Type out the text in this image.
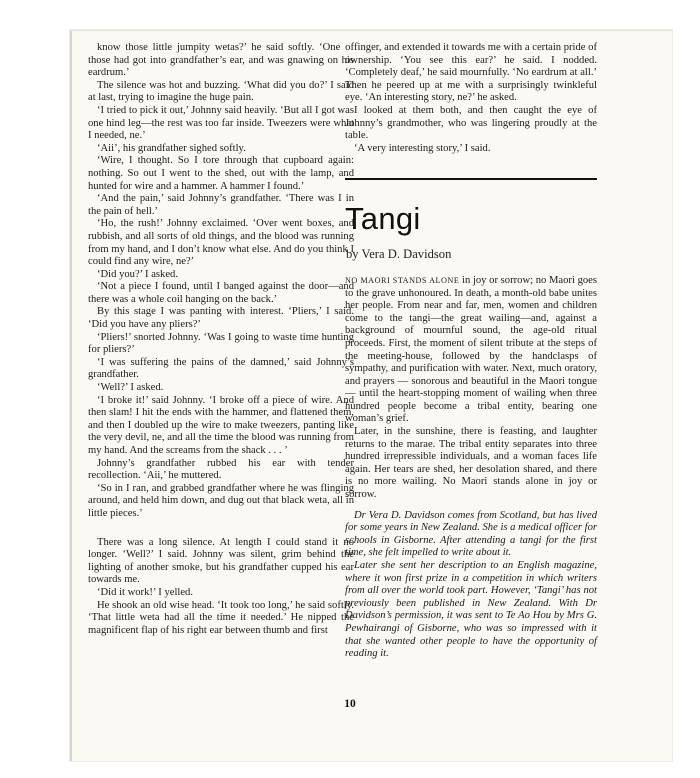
know those little jumpity wetas?’ he said softly. ‘One of those had got into grandfather’s ear, and was gnawing on his eardrum.’

The silence was hot and buzzing. ‘What did you do?’ I said at last, trying to imagine the huge pain.

‘I tried to pick it out,’ Johnny said heavily. ‘But all I got was one hind leg—the rest was too far inside. Tweezers were what I needed, ne.’

‘Aii’, his grandfather sighed softly.

‘Wire, I thought. So I tore through that cupboard again: nothing. So out I went to the shed, out with the lamp, and hunted for wire and a hammer. A hammer I found.’

‘And the pain,’ said Johnny’s grandfather. ‘There was I in the pain of hell.’

‘Ho, the rush!’ Johnny exclaimed. ‘Over went boxes, and rubbish, and all sorts of old things, and the blood was running from my hand, and I don’t know what else. And do you think I could find any wire, ne?’

‘Did you?’ I asked.

‘Not a piece I found, until I banged against the door—and there was a whole coil hanging on the back.’

By this stage I was panting with interest. ‘Pliers,’ I said. ‘Did you have any pliers?’

‘Pliers!’ snorted Johnny. ‘Was I going to waste time hunting for pliers?’

‘I was suffering the pains of the damned,’ said Johnny’s grandfather.

‘Well?’ I asked.

‘I broke it!’ said Johnny. ‘I broke off a piece of wire. And then slam! I hit the ends with the hammer, and flattened them, and then I doubled up the wire to make tweezers, panting like the very devil, ne, and all the time the blood was running from my hand. And the screams from the shack . . . ’

Johnny’s grandfather rubbed his ear with tender recollection. ‘Aii,’ he muttered.

‘So in I ran, and grabbed grandfather where he was flinging around, and held him down, and dug out that black weta, all in little pieces.’

There was a long silence. At length I could stand it no longer. ‘Well?’ I said. Johnny was silent, grim behind the lighting of another smoke, but his grandfather cupped his ear towards me.

‘Did it work!’ I yelled.

He shook an old wise head. ‘It took too long,’ he said softly. ‘That little weta had all the time it needed.’ He nipped the magnificent flap of his right ear between thumb and first

finger, and extended it towards me with a certain pride of ownership. ‘You see this ear?’ he said. I nodded. ‘Completely deaf,’ he said mournfully. ‘No eardrum at all.’ Then he peered up at me with a surprisingly twinkleful eye. ‘An interesting story, ne?’ he asked.

I looked at them both, and then caught the eye of Johnny’s grandmother, who was lingering proudly at the table.

‘A very interesting story,’ I said.

Tangi
by Vera D. Davidson

NO MAORI STANDS ALONE in joy or sorrow; no Maori goes to the grave unhonoured. In death, a month-old babe unites her people. From near and far, men, women and children come to the tangi—the great wailing—and, against a background of mournful sound, the age-old ritual proceeds. First, the moment of silent tribute at the steps of the meeting-house, followed by the handclasps of sympathy, and purification with water. Next, much oratory, and prayers — sonorous and beautiful in the Maori tongue — until the heart-stopping moment of wailing when three hundred people become a tribal entity, bearing one woman’s grief.

Later, in the sunshine, there is feasting, and laughter returns to the marae. The tribal entity separates into three hundred irrepressible individuals, and a woman faces life again. Her tears are shed, her desolation shared, and there is no more wailing. No Maori stands alone in joy or sorrow.

Dr Vera D. Davidson comes from Scotland, but has lived for some years in New Zealand. She is a medical officer for schools in Gisborne. After attending a tangi for the first time, she felt impelled to write about it.

Later she sent her description to an English magazine, where it won first prize in a competition in which writers from all over the world took part. However, ‘Tangi’ has not previously been published in New Zealand. With Dr Davidson’s permission, it was sent to Te Ao Hou by Mrs G. Pewhairangi of Gisborne, who was so impressed with it that she wanted other people to have the opportunity of reading it.

10
